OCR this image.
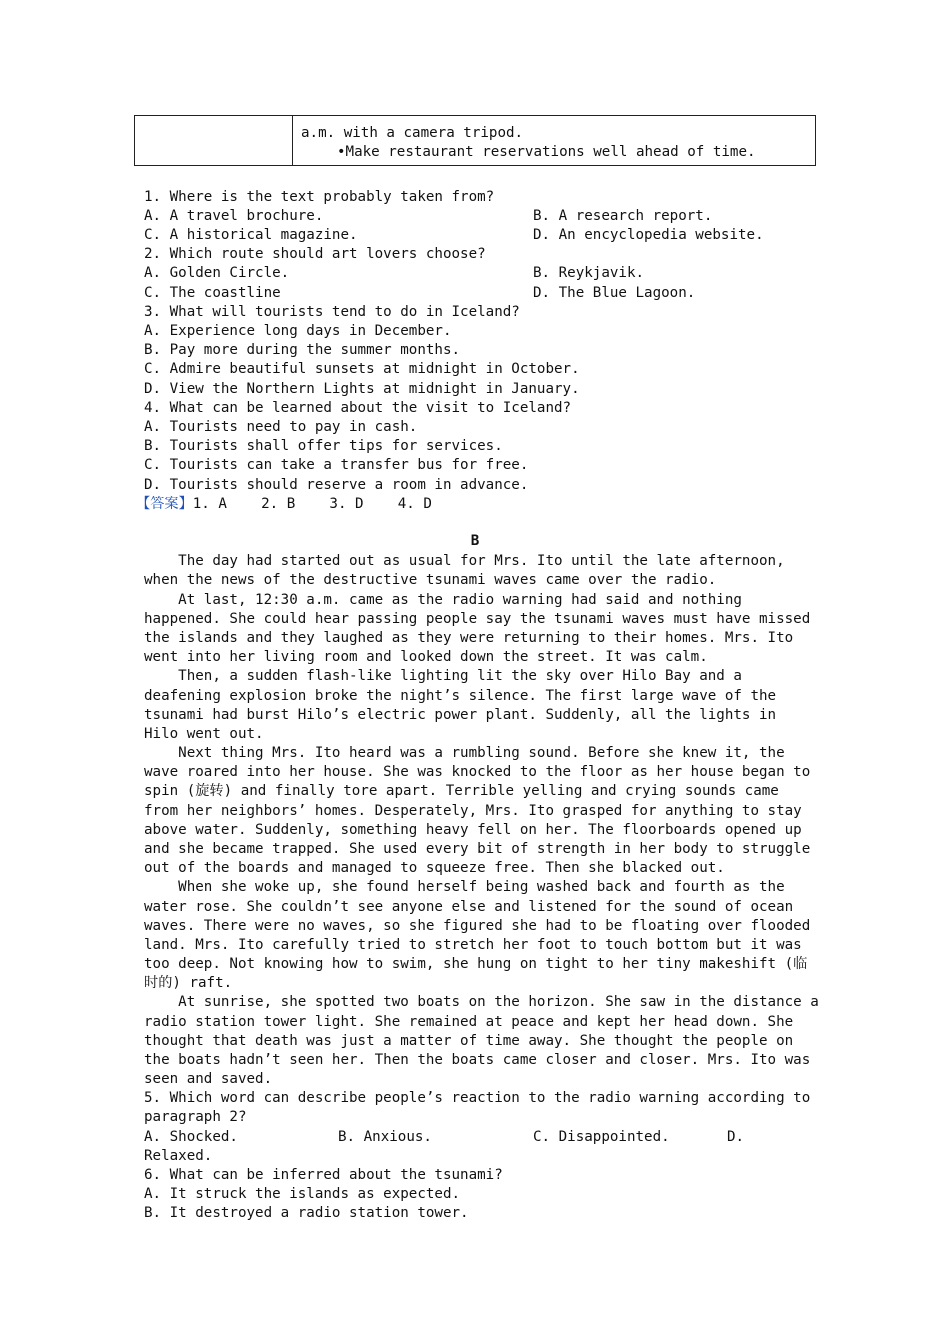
a.m. with a camera tripod.
•Make restaurant reservations well ahead of time.
1. Where is the text probably taken from?
A. A travel brochure.	B. A research report.
C. A historical magazine.	D. An encyclopedia website.
2. Which route should art lovers choose?
A. Golden Circle.	B. Reykjavik.
C. The coastline	D. The Blue Lagoon.
3. What will tourists tend to do in Iceland?
A. Experience long days in December.
B. Pay more during the summer months.
C. Admire beautiful sunsets at midnight in October.
D. View the Northern Lights at midnight in January.
4. What can be learned about the visit to Iceland?
A. Tourists need to pay in cash.
B. Tourists shall offer tips for services.
C. Tourists can take a transfer bus for free.
D. Tourists should reserve a room in advance.
【答案】1. A    2. B    3. D    4. D
B
The day had started out as usual for Mrs. Ito until the late afternoon,
when the news of the destructive tsunami waves came over the radio.
At last, 12:30 a.m. came as the radio warning had said and nothing
happened. She could hear passing people say the tsunami waves must have missed
the islands and they laughed as they were returning to their homes. Mrs. Ito
went into her living room and looked down the street. It was calm.
Then, a sudden flash-like lighting lit the sky over Hilo Bay and a
deafening explosion broke the night’s silence. The first large wave of the
tsunami had burst Hilo’s electric power plant. Suddenly, all the lights in
Hilo went out.
Next thing Mrs. Ito heard was a rumbling sound. Before she knew it, the
wave roared into her house. She was knocked to the floor as her house began to
spin (旋转) and finally tore apart. Terrible yelling and crying sounds came
from her neighbors’ homes. Desperately, Mrs. Ito grasped for anything to stay
above water. Suddenly, something heavy fell on her. The floorboards opened up
and she became trapped. She used every bit of strength in her body to struggle
out of the boards and managed to squeeze free. Then she blacked out.
When she woke up, she found herself being washed back and fourth as the
water rose. She couldn’t see anyone else and listened for the sound of ocean
waves. There were no waves, so she figured she had to be floating over flooded
land. Mrs. Ito carefully tried to stretch her foot to touch bottom but it was
too deep. Not knowing how to swim, she hung on tight to her tiny makeshift (临
时的) raft.
At sunrise, she spotted two boats on the horizon. She saw in the distance a
radio station tower light. She remained at peace and kept her head down. She
thought that death was just a matter of time away. She thought the people on
the boats hadn’t seen her. Then the boats came closer and closer. Mrs. Ito was
seen and saved.
5. Which word can describe people’s reaction to the radio warning according to
paragraph 2?
A. Shocked.	B. Anxious.	C. Disappointed.	D.
Relaxed.
6. What can be inferred about the tsunami?
A. It struck the islands as expected.
B. It destroyed a radio station tower.
